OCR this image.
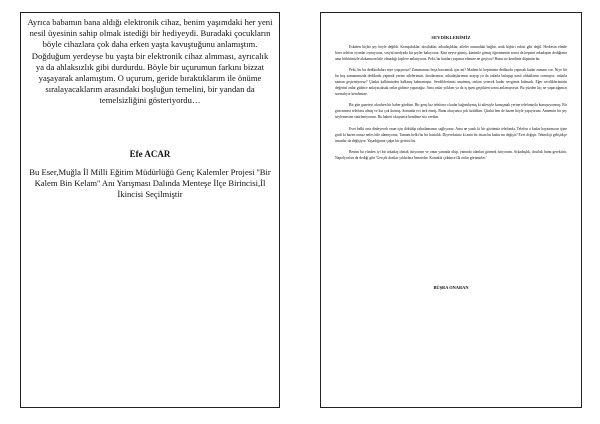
Ayrıca babamın bana aldığı elektronik cihaz, benim yaşımdaki her yeni nesil üyesinin sahip olmak istediği bir hediyeydi. Buradaki çocukların böyle cihazlara çok daha erken yaşta kavuştuğunu anlamıştım. Doğduğum yerdeyse bu yaşta bir elektronik cihaz almması, ayrıcalık ya da ahlaksızlık gibi durdurdu. Böyle bir uçurumun farkını bizzat yaşayarak anlamıştım. O uçurum, geride bıraktıklarım ile önüme sıralayacaklarım arasındaki boşluğun temelini, bir yandan da temelsizliğini gösteriyordu…
Efe ACAR
Bu Eser,Muğla İl Milli Eğitim Müdürlüğü Genç Kalemler Projesi ''Bir Kalem Bin Kelam'' Anı Yarışması Dalında Menteşe İlçe Birincisi,İl İkincisi Seçilmiştir
SEVDİKLERİMİZ

Eskiden hiçbir şey böyle değildi. Komşuluklar, dostluklar, arkadaşlıklar, aileler arasındaki bağlar, artık hiçbiri eskisi gibi değil. Herkesin elinde birer telefon oyunlar oynuyoruz, sosyal medyada bir şeyler bakıyoruz. Kim neyse gitmiş, kimimle gitmiş öğrenmenin sonra da hepsini arkadaşım dediğimiz ama birbirimizle alakamızın bile olmadığı kişilere anlatıyoruz. Peki, bu bunları yapınca elimize ne geçiyor? Bunu siz kendiniz düşünün bu.

Peki, bu bu dedikoduları niye yapıyoruz? Zamanımızı boşa harcamak için mi? Madem ki hepimizin dedikodu yapacak kadar zamanı var. Niye bir bu boş zamanımızda dedikodu yapmak yerine ailelerimizi, dostlarımızı, arkadaşlarımızı arayıp ya da onlarla buluşup nasıl olduklarını sormuyor, onlarla zaman geçirmiyoruz? Çünkü kalbimizden kalkmış kalmamıştır. Sevdiklerimizi unutmuş, onlara yetecek kadar sevgimiz kalmadı. Eğer sevdiklerimizin değerini onlar gidince anlayacaksak onlar gidince yapacağız. Ama onlar yokken ya da iş işten geçtikten sonra anlamıyoruz. Bu yüzden hiç ne yapacağımızı sormalıyız kendimize.

Bir gün gazeteyi okurken bir haber gördüm. Bir genç kız telefona o kadar bağımlıymış ki ailesiyle konuşmak yerine telefonuyla konuşuyormuş. Bir gün annesi telefonu almış ve kız çok kızmış. Sonunda evi terk etmiş. Bunu okuyunca çok üzüldüm. Çünkü ben de bazen böyle yapıyorum. Annemin bir şey söylemesine sinirleniyorum. Bu haberi okuyunca kendime söz verdim.

Evet belki onu dinleyecek onun için dökülüp rahatlamasını sağlıyoruz. Ama ne yazık ki bir gözümüz telefonda. Telefon o kadar hayatımızın içine girdi ki bazen onsuz nefes bile alamıyoruz. Tamam belki bu bir hastalık. Diyeceksiniz ki ama bir insan bu kadar mı değişir? Evet değişir. Teknoloji geliştikçe insanlar da değişiyor. Yaşadığımız çağın bir getirisi bu.

Benim bu yüzden iyi bir arkadaş olmak istiyorum ve onun yanında olup, yanında olanları görmek istiyorum. Arkadaşlık, dostluk bunu gerektirir. Napolyon'un da dediği gibi 'Gerçek dostlar yıldızlara benzerler. Karanlık çökünce ilk onlar görünürler.'

BÜŞRA ONARAN
